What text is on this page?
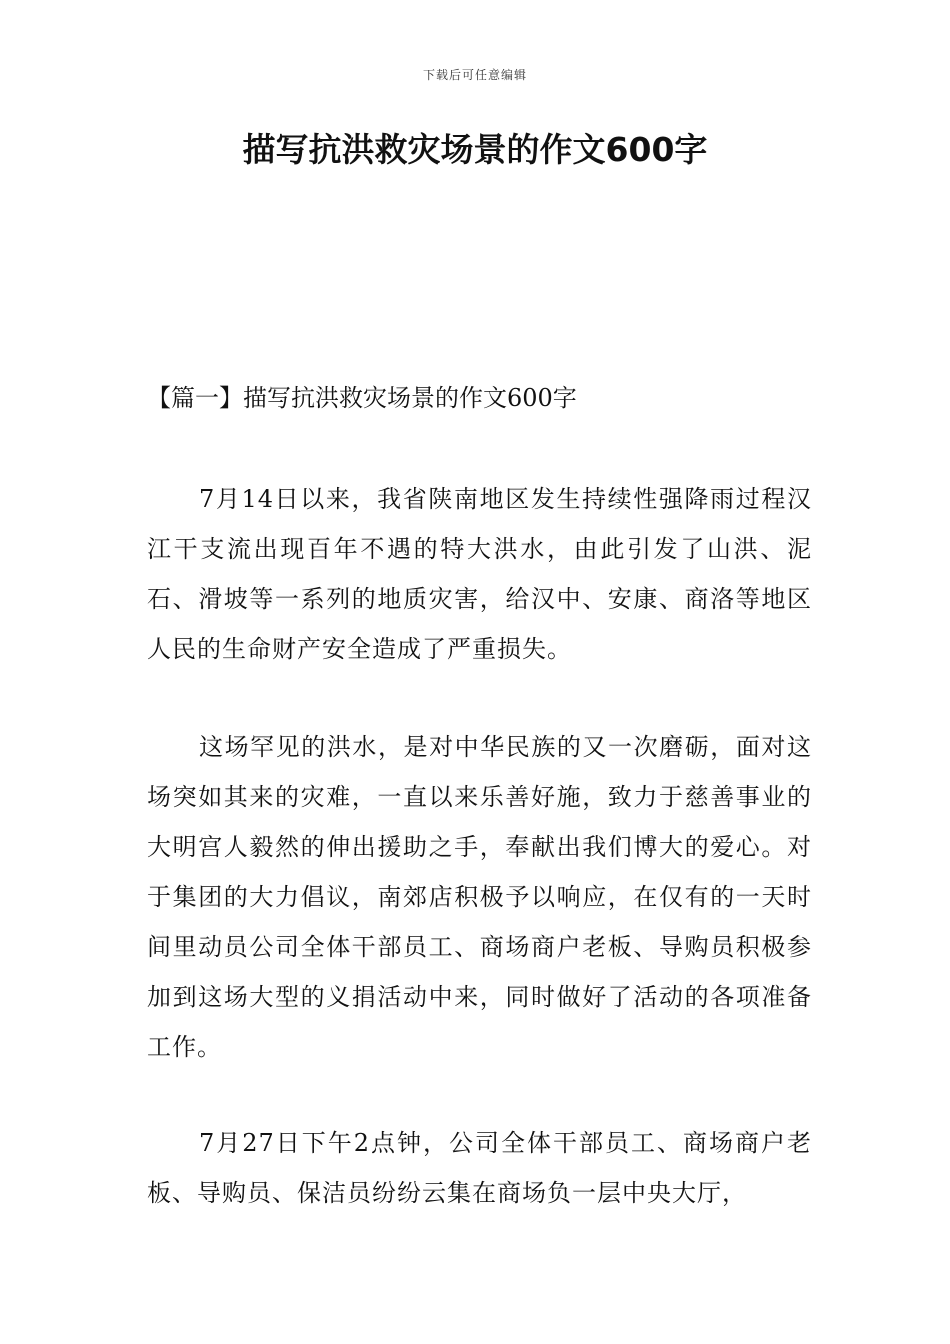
下载后可任意编辑
描写抗洪救灾场景的作文600字
【篇一】描写抗洪救灾场景的作文600字

7月14日以来，我省陕南地区发生持续性强降雨过程汉江干支流出现百年不遇的特大洪水，由此引发了山洪、泥石、滑坡等一系列的地质灾害，给汉中、安康、商洛等地区人民的生命财产安全造成了严重损失。

这场罕见的洪水，是对中华民族的又一次磨砺，面对这场突如其来的灾难，一直以来乐善好施，致力于慈善事业的大明宫人毅然的伸出援助之手，奉献出我们博大的爱心。对于集团的大力倡议，南郊店积极予以响应，在仅有的一天时间里动员公司全体干部员工、商场商户老板、导购员积极参加到这场大型的义捐活动中来，同时做好了活动的各项准备工作。

7月27日下午2点钟，公司全体干部员工、商场商户老板、导购员、保洁员纷纷云集在商场负一层中央大厅，
